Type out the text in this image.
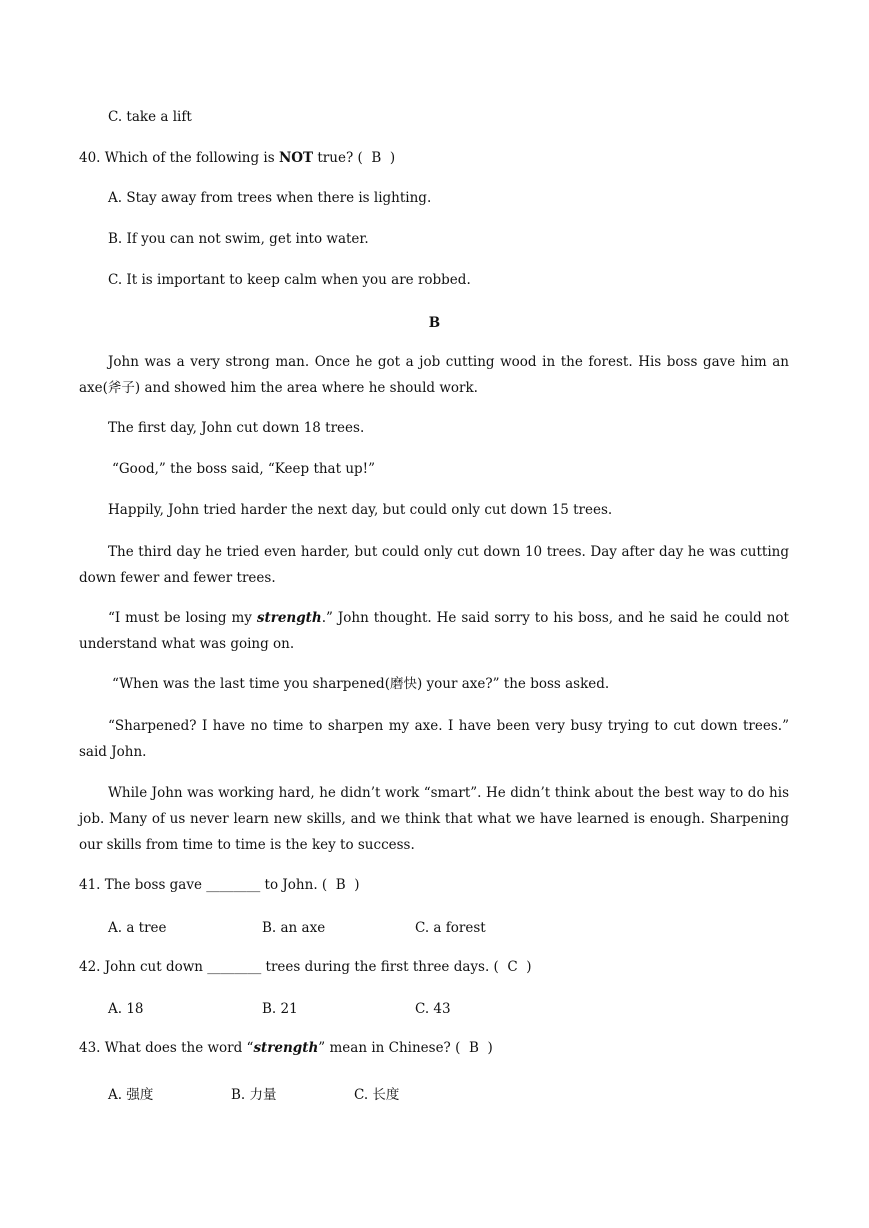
C. take a lift
40. Which of the following is NOT true? (  B  )
A. Stay away from trees when there is lighting.
B. If you can not swim, get into water.
C. It is important to keep calm when you are robbed.
B
John was a very strong man. Once he got a job cutting wood in the forest. His boss gave him an axe(斧子) and showed him the area where he should work.
The first day, John cut down 18 trees.
“Good,” the boss said, “Keep that up!”
Happily, John tried harder the next day, but could only cut down 15 trees.
The third day he tried even harder, but could only cut down 10 trees. Day after day he was cutting down fewer and fewer trees.
“I must be losing my strength.” John thought. He said sorry to his boss, and he said he could not understand what was going on.
“When was the last time you sharpened(磨快) your axe?” the boss asked.
“Sharpened? I have no time to sharpen my axe. I have been very busy trying to cut down trees.” said John.
While John was working hard, he didn’t work “smart”. He didn’t think about the best way to do his job. Many of us never learn new skills, and we think that what we have learned is enough. Sharpening our skills from time to time is the key to success.
41. The boss gave ________ to John. (  B  )
A. a tree	B. an axe	C. a forest
42. John cut down ________ trees during the first three days. (  C  )
A. 18	B. 21	C. 43
43. What does the word “strength” mean in Chinese? (  B  )
A. 强度	B. 力量	C. 长度
